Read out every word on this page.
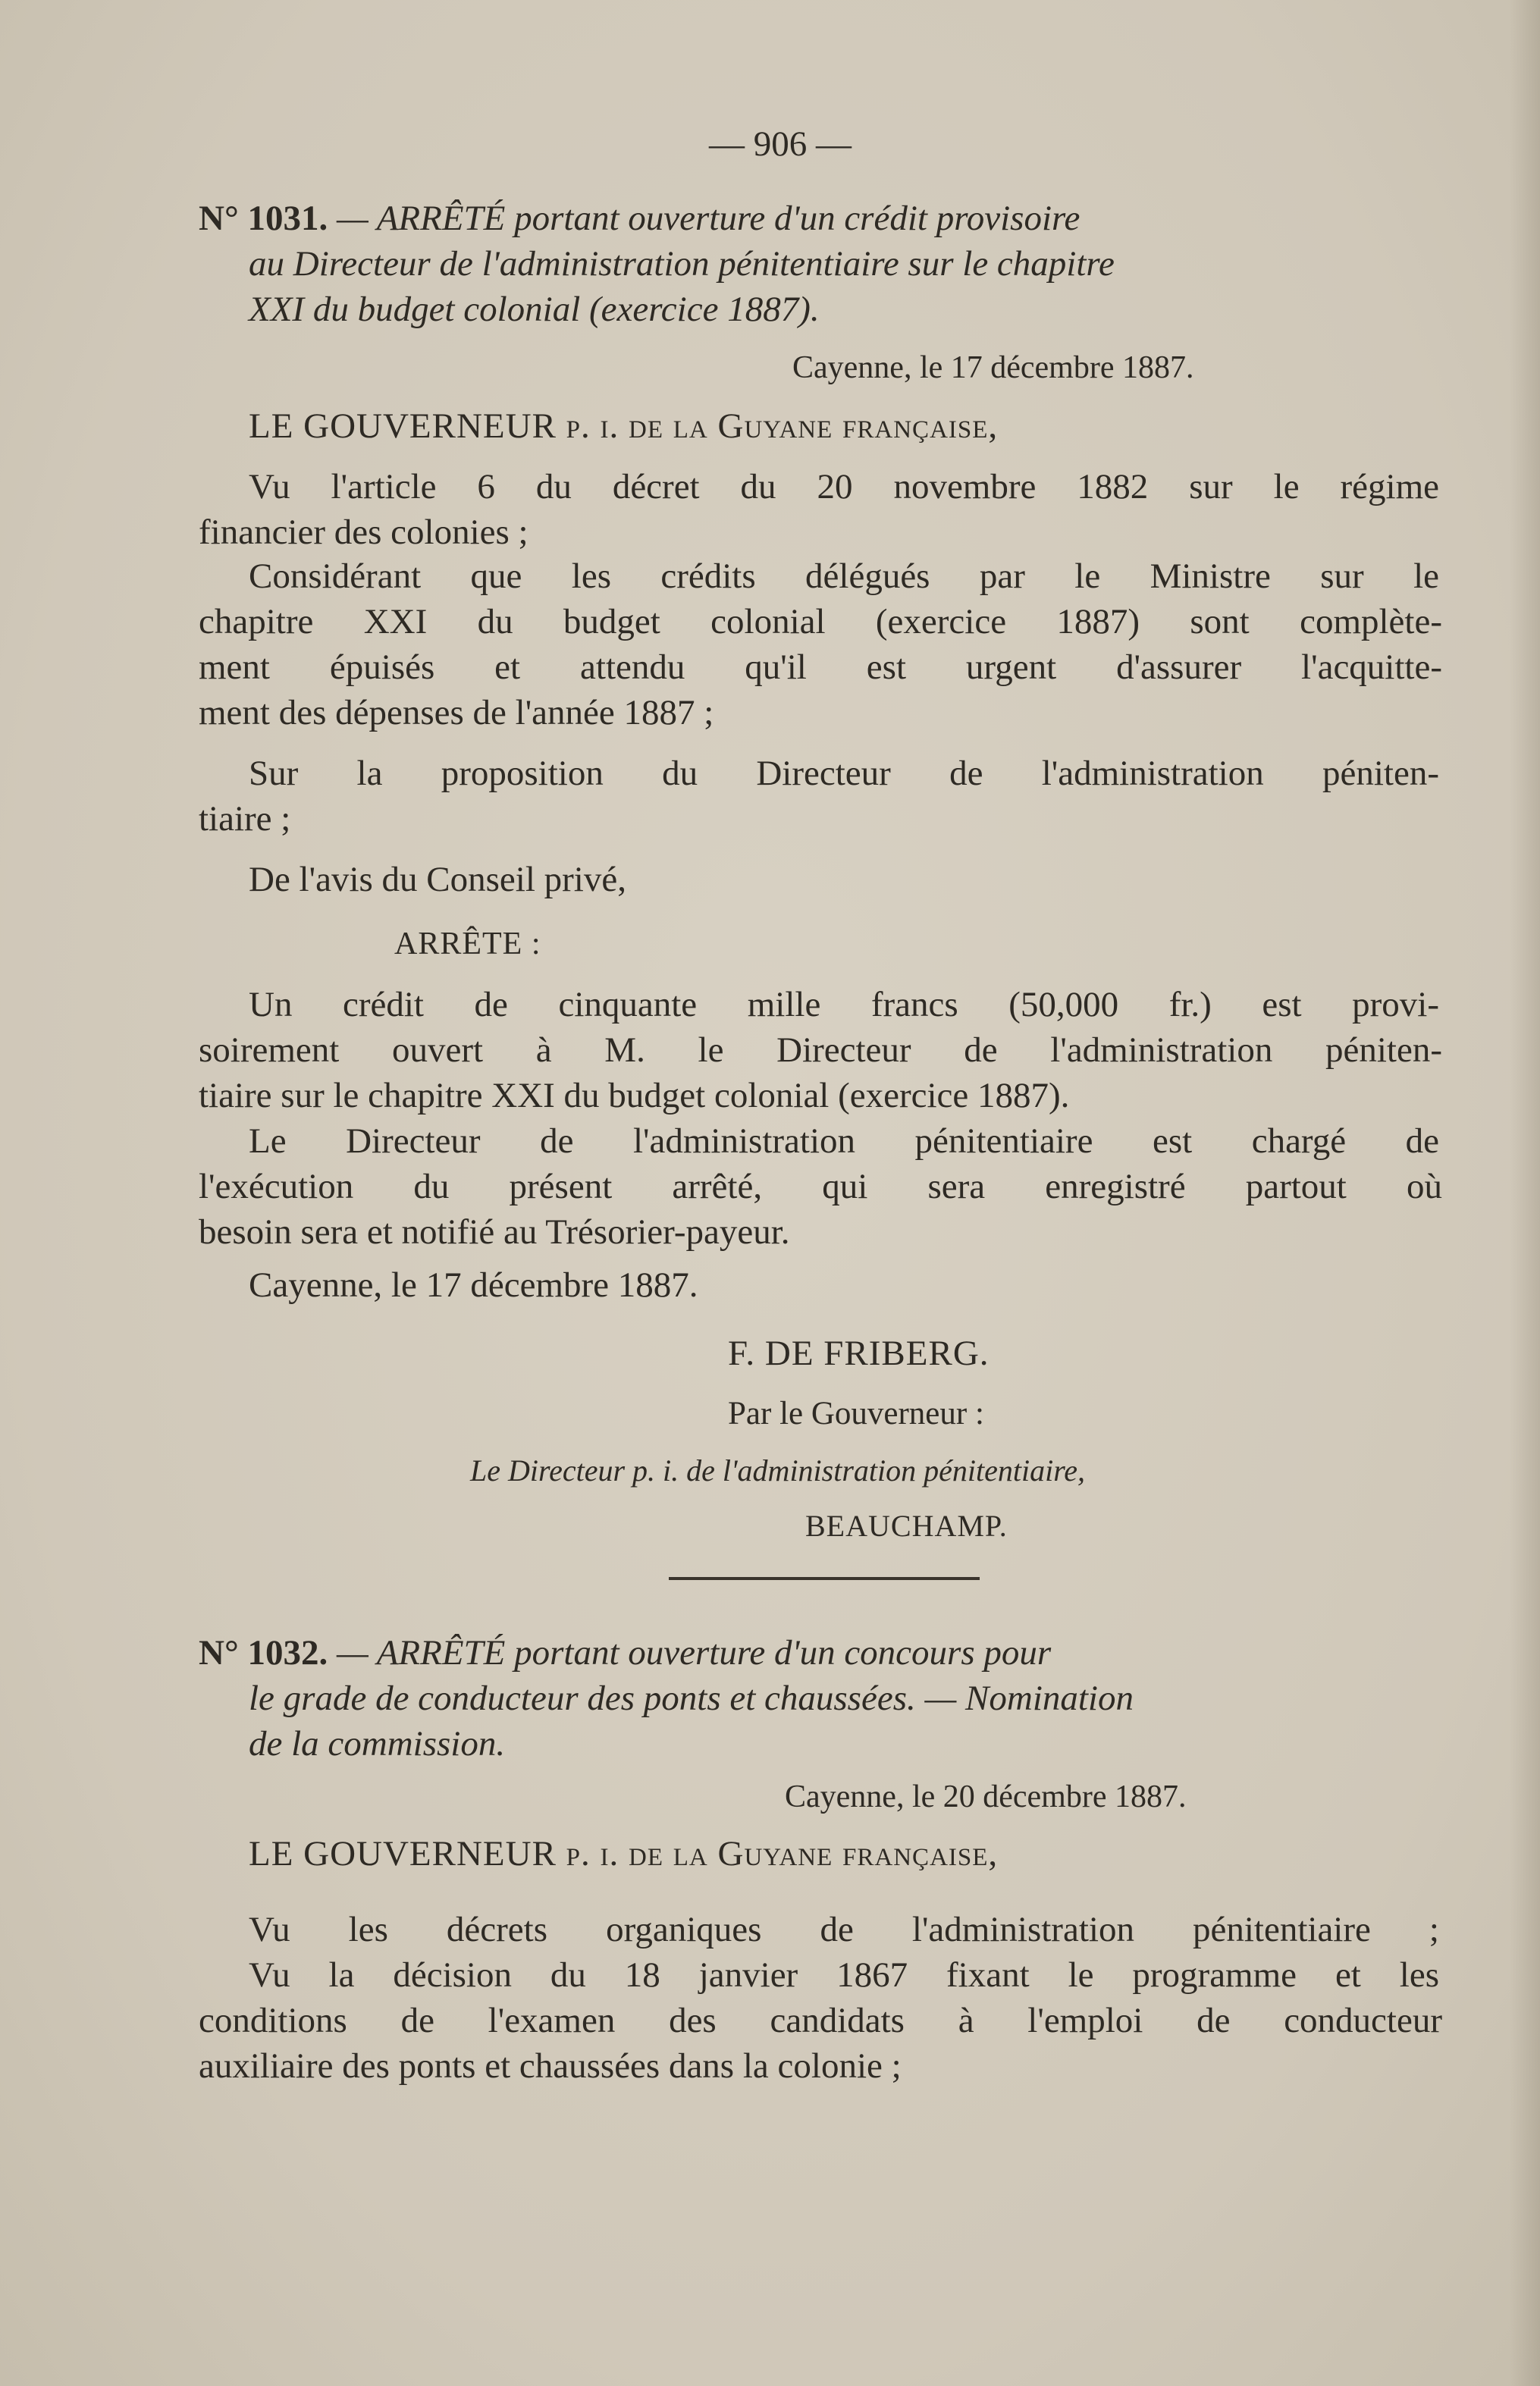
— 906 —
N° 1031. — ARRÊTÉ portant ouverture d'un crédit provisoire
au Directeur de l'administration pénitentiaire sur le chapitre
XXI du budget colonial (exercice 1887).
Cayenne, le 17 décembre 1887.
LE GOUVERNEUR p. i. de la Guyane française,
Vu l'article 6 du décret du 20 novembre 1882 sur le régime
financier des colonies ;
Considérant que les crédits délégués par le Ministre sur le
chapitre XXI du budget colonial (exercice 1887) sont complète-
ment épuisés et attendu qu'il est urgent d'assurer l'acquitte-
ment des dépenses de l'année 1887 ;
Sur la proposition du Directeur de l'administration péniten-
tiaire ;
De l'avis du Conseil privé,
ARRÊTE :
Un crédit de cinquante mille francs (50,000 fr.) est provi-
soirement ouvert à M. le Directeur de l'administration péniten-
tiaire sur le chapitre XXI du budget colonial (exercice 1887).
Le Directeur de l'administration pénitentiaire est chargé de
l'exécution du présent arrêté, qui sera enregistré partout où
besoin sera et notifié au Trésorier-payeur.
Cayenne, le 17 décembre 1887.
F. DE FRIBERG.
Par le Gouverneur :
Le Directeur p. i. de l'administration pénitentiaire,
BEAUCHAMP.
N° 1032. — ARRÊTÉ portant ouverture d'un concours pour
le grade de conducteur des ponts et chaussées. — Nomination
de la commission.
Cayenne, le 20 décembre 1887.
LE GOUVERNEUR p. i. de la Guyane française,
Vu les décrets organiques de l'administration pénitentiaire ;
Vu la décision du 18 janvier 1867 fixant le programme et les
conditions de l'examen des candidats à l'emploi de conducteur
auxiliaire des ponts et chaussées dans la colonie ;
